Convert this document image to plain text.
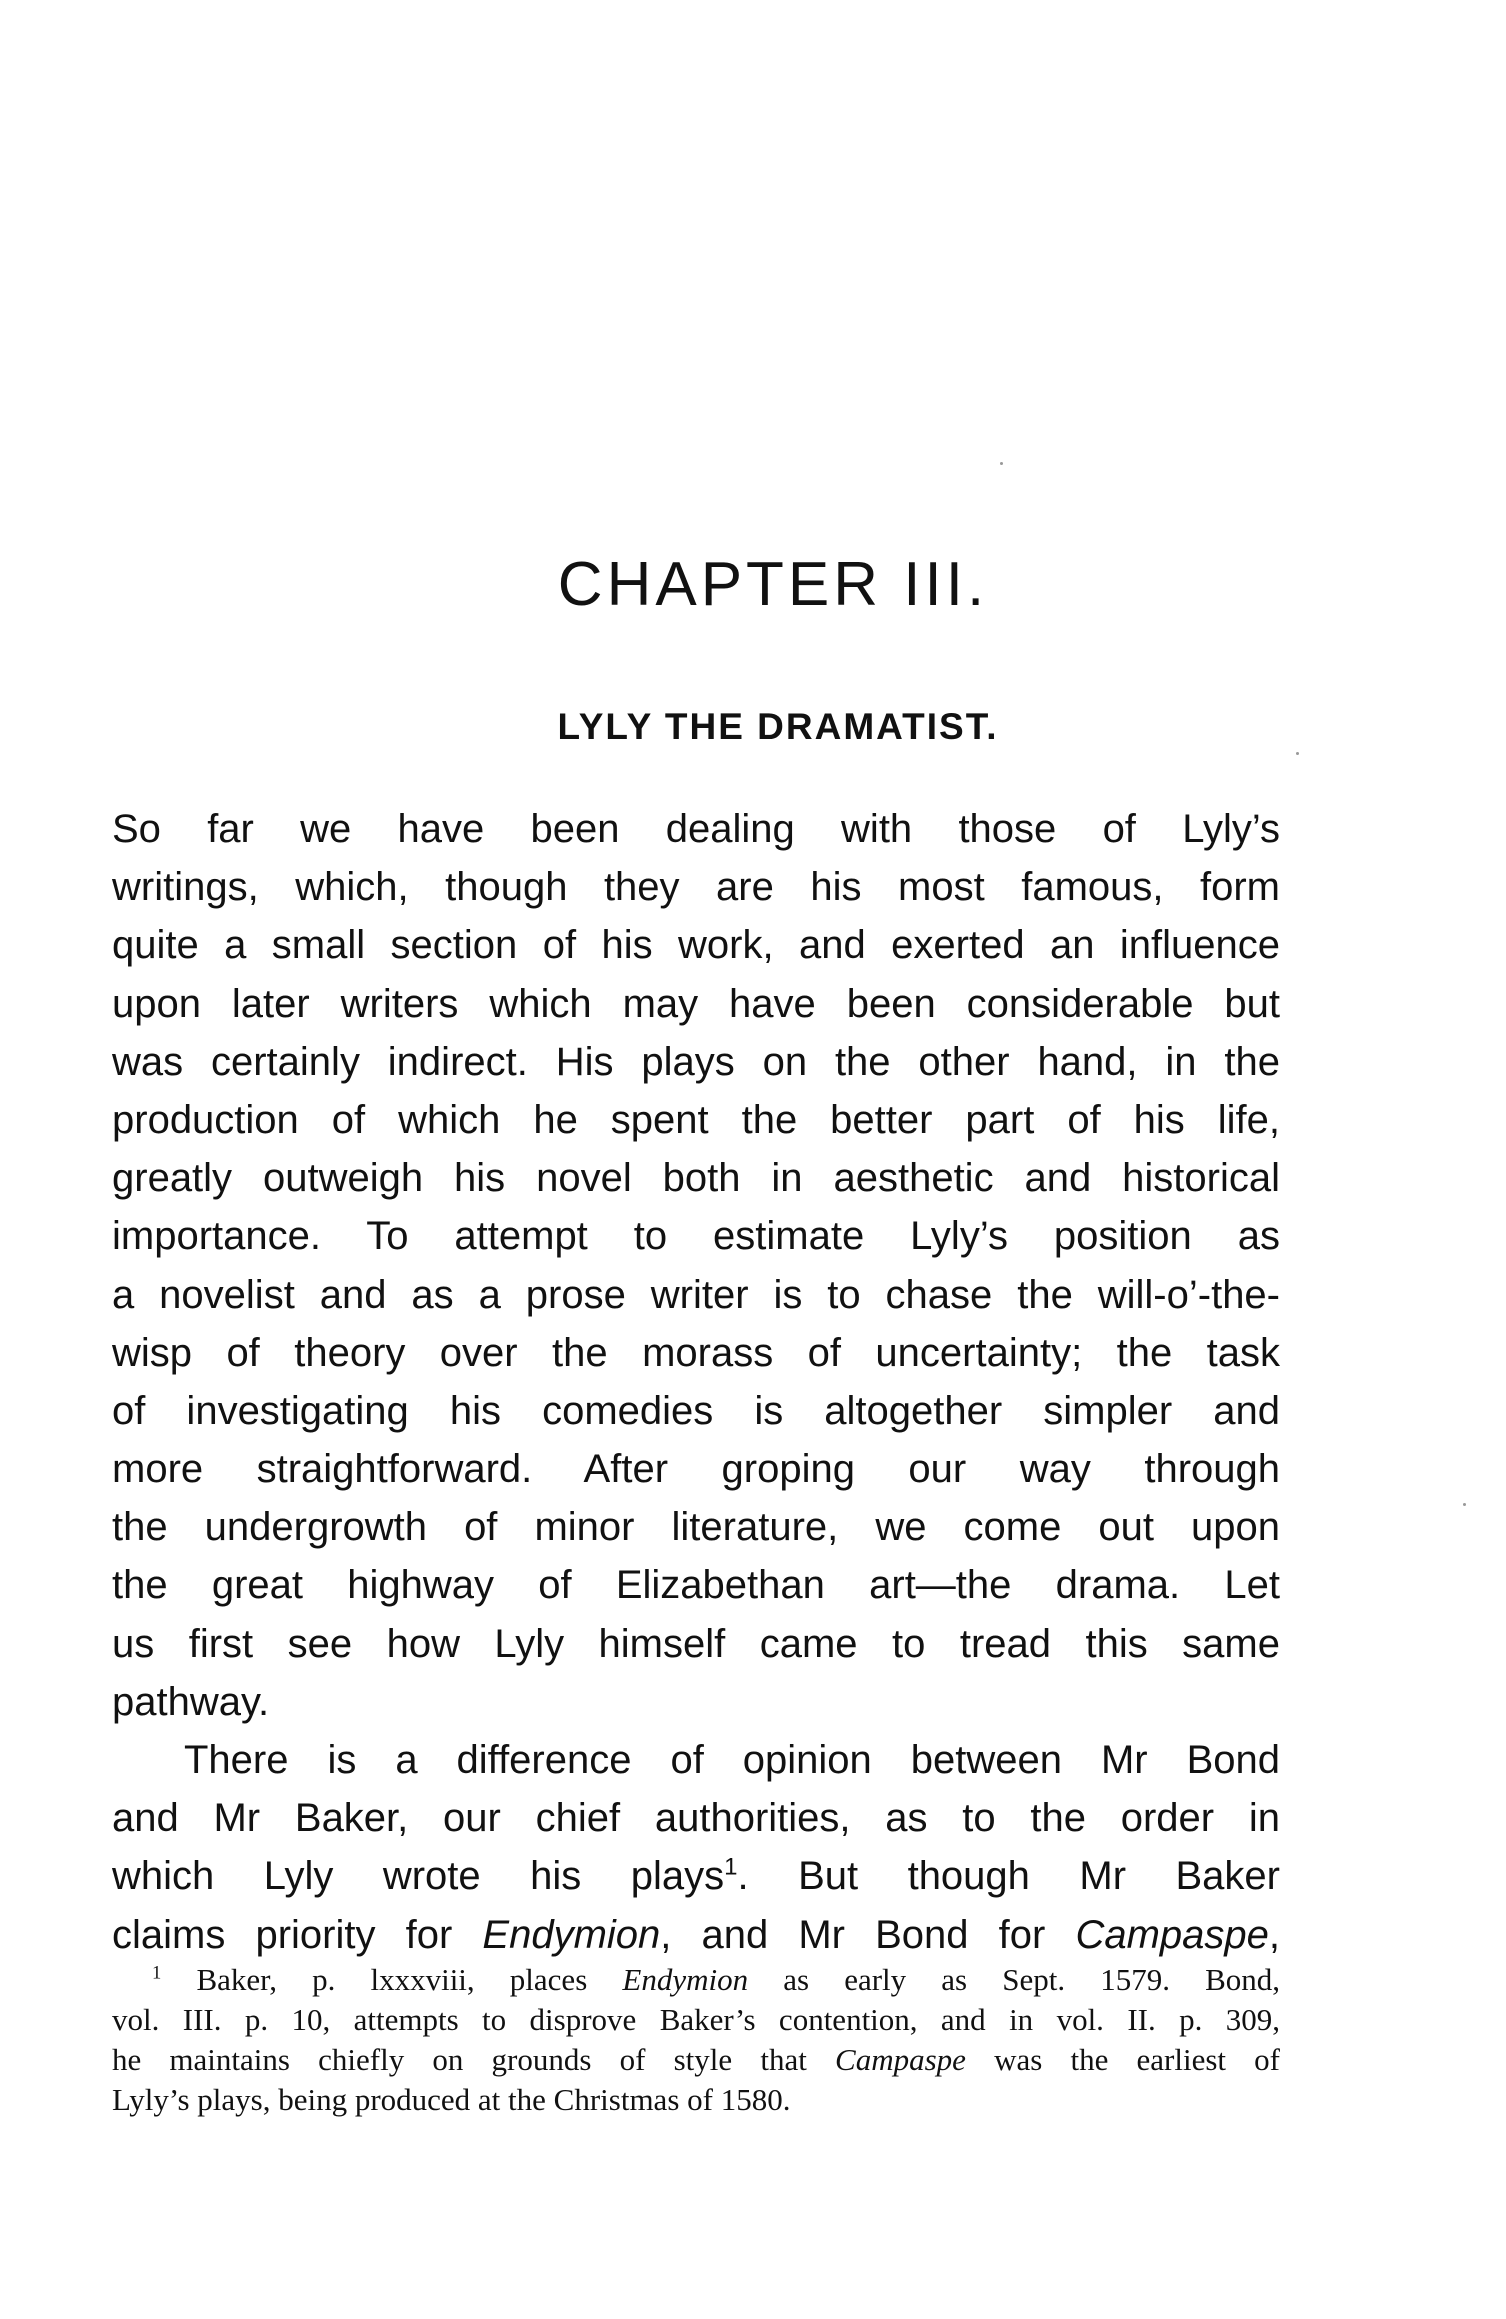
CHAPTER III.
LYLY THE DRAMATIST.
So far we have been dealing with those of Lyly’s
writings, which, though they are his most famous, form
quite a small section of his work, and exerted an influence
upon later writers which may have been considerable but
was certainly indirect. His plays on the other hand, in the
production of which he spent the better part of his life,
greatly outweigh his novel both in aesthetic and historical
importance. To attempt to estimate Lyly’s position as
a novelist and as a prose writer is to chase the will-o’-the-
wisp of theory over the morass of uncertainty; the task
of investigating his comedies is altogether simpler and
more straightforward. After groping our way through
the undergrowth of minor literature, we come out upon
the great highway of Elizabethan art—the drama. Let
us first see how Lyly himself came to tread this same
pathway.
There is a difference of opinion between Mr Bond
and Mr Baker, our chief authorities, as to the order in
which Lyly wrote his plays$^1$. But though Mr Baker
claims priority for Endymion, and Mr Bond for Campaspe,
$^1$ Baker, p. lxxxviii, places Endymion as early as Sept. 1579. Bond,
vol. III. p. 10, attempts to disprove Baker’s contention, and in vol. II. p. 309,
he maintains chiefly on grounds of style that Campaspe was the earliest of
Lyly’s plays, being produced at the Christmas of 1580.
